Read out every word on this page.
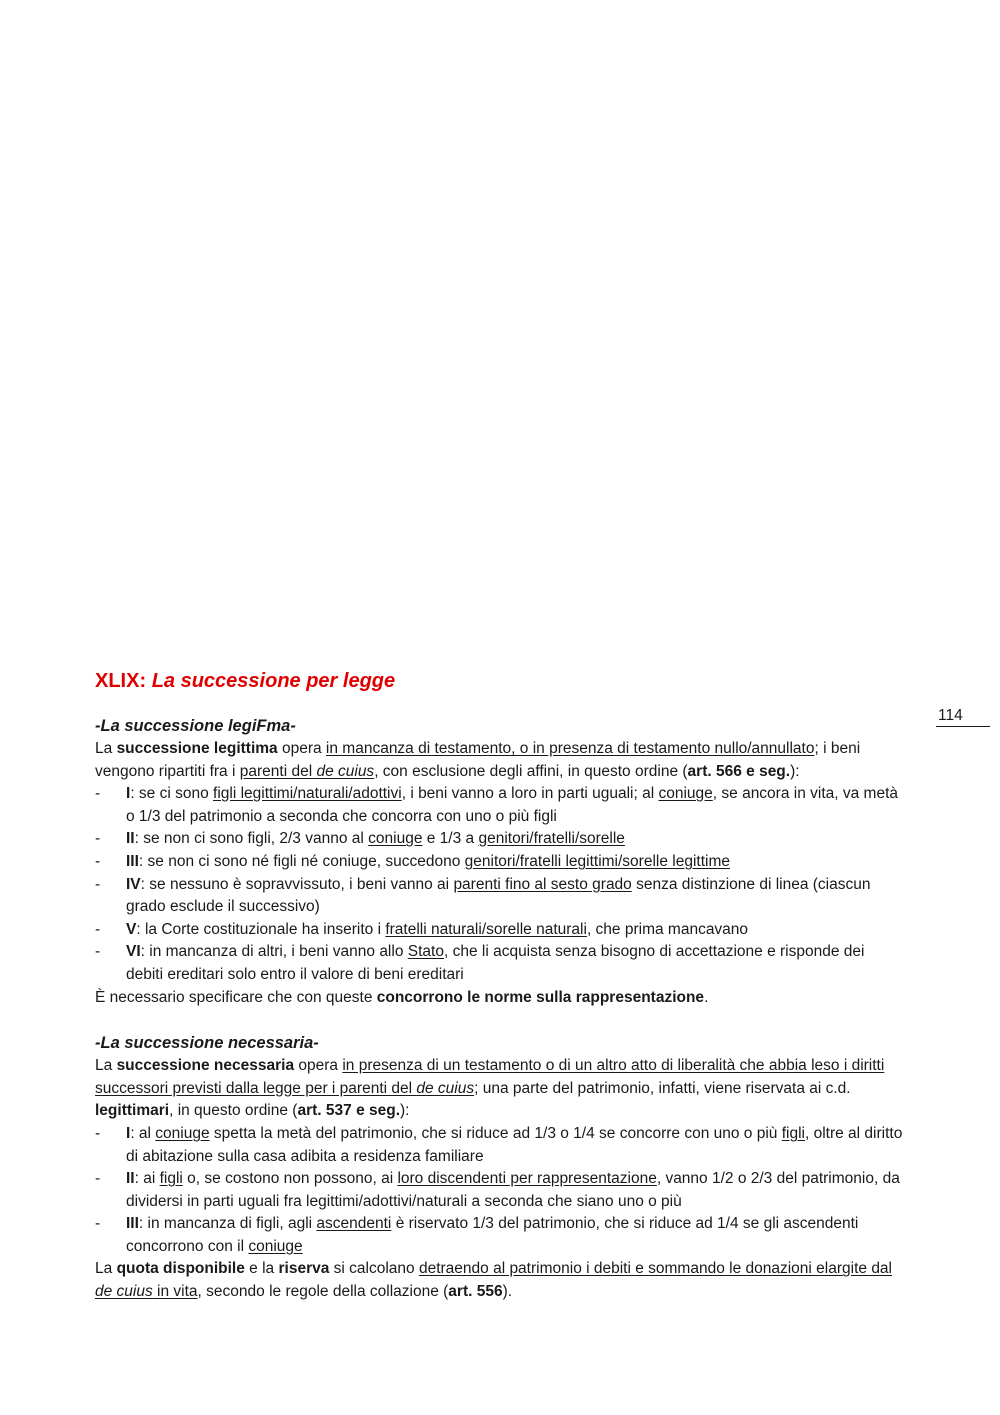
114
XLIX: La successione per legge
-La successione legiFma-

La successione legittima opera in mancanza di testamento, o in presenza di testamento nullo/annullato; i beni vengono ripartiti fra i parenti del de cuius, con esclusione degli affini, in questo ordine (art. 566 e seg.):

- I: se ci sono figli legittimi/naturali/adottivi, i beni vanno a loro in parti uguali; al coniuge, se ancora in vita, va metà o 1/3 del patrimonio a seconda che concorra con uno o più figli
- II: se non ci sono figli, 2/3 vanno al coniuge e 1/3 a genitori/fratelli/sorelle
- III: se non ci sono né figli né coniuge, succedono genitori/fratelli legittimi/sorelle legittime
- IV: se nessuno è sopravvissuto, i beni vanno ai parenti fino al sesto grado senza distinzione di linea (ciascun grado esclude il successivo)
- V: la Corte costituzionale ha inserito i fratelli naturali/sorelle naturali, che prima mancavano
- VI: in mancanza di altri, i beni vanno allo Stato, che li acquista senza bisogno di accettazione e risponde dei debiti ereditari solo entro il valore di beni ereditari

È necessario specificare che con queste concorrono le norme sulla rappresentazione.

-La successione necessaria-

La successione necessaria opera in presenza di un testamento o di un altro atto di liberalità che abbia leso i diritti successori previsti dalla legge per i parenti del de cuius; una parte del patrimonio, infatti, viene riservata ai c.d. legittimari, in questo ordine (art. 537 e seg.):

- I: al coniuge spetta la metà del patrimonio, che si riduce ad 1/3 o 1/4 se concorre con uno o più figli, oltre al diritto di abitazione sulla casa adibita a residenza familiare
- II: ai figli o, se costono non possono, ai loro discendenti per rappresentazione, vanno 1/2 o 2/3 del patrimonio, da dividersi in parti uguali fra legittimi/adottivi/naturali a seconda che siano uno o più
- III: in mancanza di figli, agli ascendenti è riservato 1/3 del patrimonio, che si riduce ad 1/4 se gli ascendenti concorrono con il coniuge

La quota disponibile e la riserva si calcolano detraendo al patrimonio i debiti e sommando le donazioni elargite dal de cuius in vita, secondo le regole della collazione (art. 556).
